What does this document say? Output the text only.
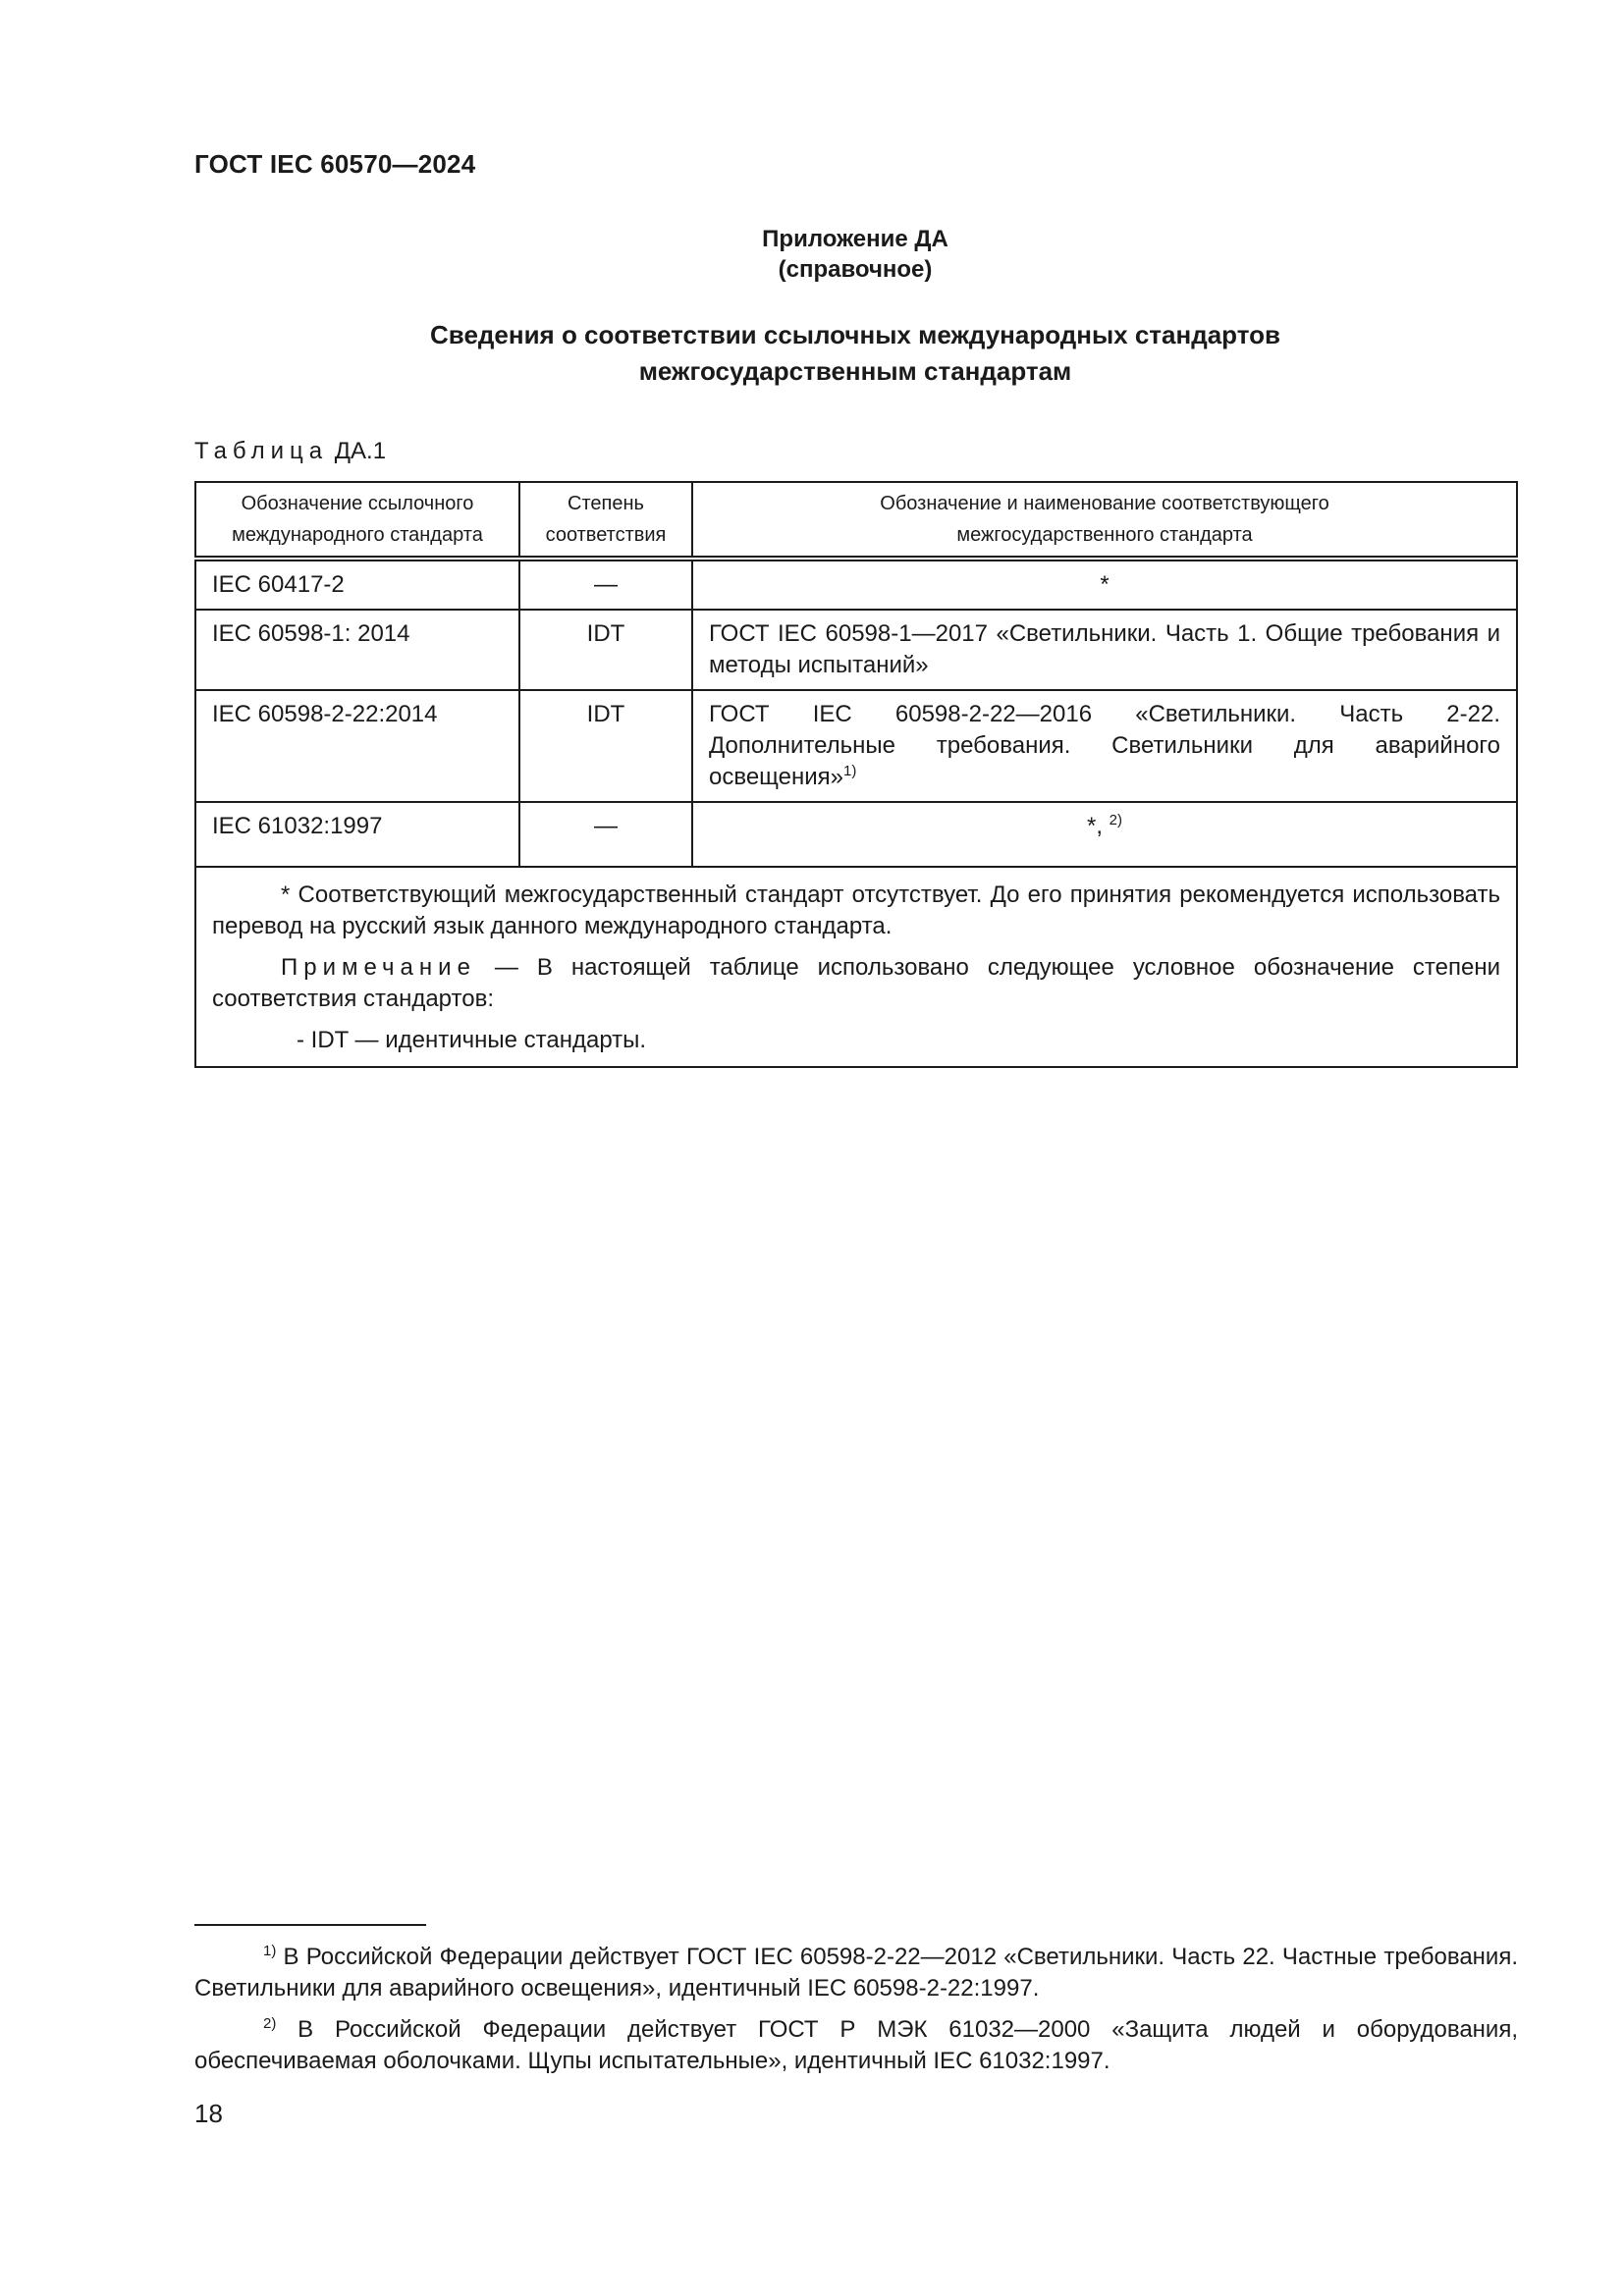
ГОСТ IEC 60570—2024
Приложение ДА
(справочное)
Сведения о соответствии ссылочных международных стандартов
межгосударственным стандартам
Таблица ДА.1
Обозначение ссылочного международного стандарта	Степень соответствия	Обозначение и наименование соответствующего межгосударственного стандарта

IEC 60417-2	—	*

IEC 60598-1: 2014	IDT	ГОСТ IEC 60598-1—2017 «Светильники. Часть 1. Общие требования и методы испытаний»

IEC 60598-2-22:2014	IDT	ГОСТ IEC 60598-2-22—2016 «Светильники. Часть 2-22. Дополнительные требования. Светильники для аварийного освещения»$^{1)}$

IEC 61032:1997	—	*, $^{2)}$

* Соответствующий межгосударственный стандарт отсутствует. До его принятия рекомендуется использовать перевод на русский язык данного международного стандарта.

Примечание — В настоящей таблице использовано следующее условное обозначение степени соответствия стандартов:

- IDT — идентичные стандарты.		

$^{1)}$ В Российской Федерации действует ГОСТ IEC 60598-2-22—2012 «Светильники. Часть 22. Частные требования. Светильники для аварийного освещения», идентичный IEC 60598-2-22:1997.

$^{2)}$ В Российской Федерации действует ГОСТ Р МЭК 61032—2000 «Защита людей и оборудования, обеспечиваемая оболочками. Щупы испытательные», идентичный IEC 61032:1997.

18
